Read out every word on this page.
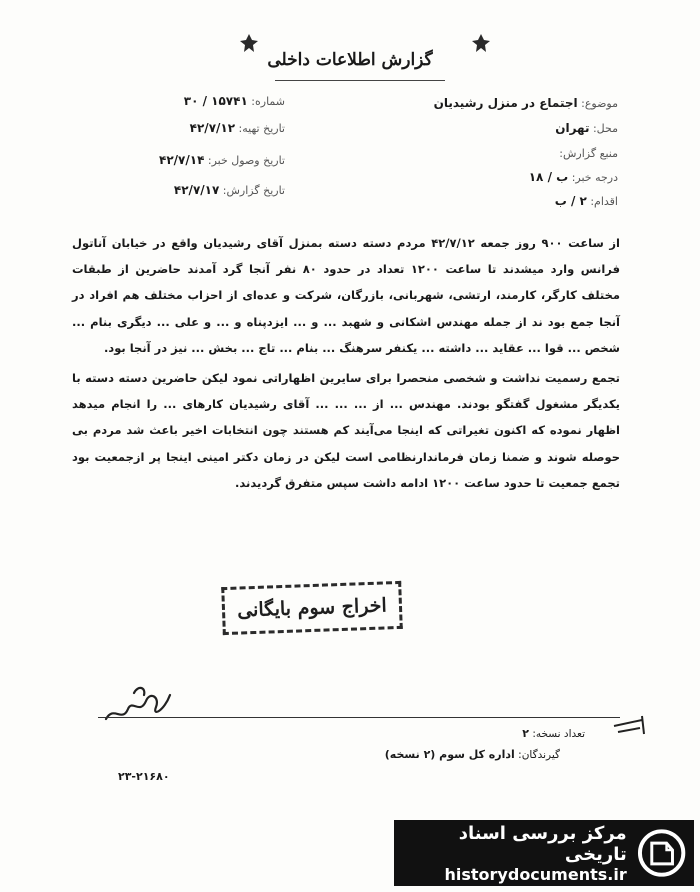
گزارش اطلاعات داخلی
موضوع: اجتماع در منزل رشیدیان
محل: تهران
منبع گزارش:
درجه خبر: ب / ۱۸
اقدام: ۲ / ب
شماره: ۱۵۷۴۱ / ۳۰
تاریخ تهیه: ۴۲/۷/۱۲
تاریخ وصول خبر: ۴۲/۷/۱۴
تاریخ گزارش: ۴۲/۷/۱۷

از ساعت ۹۰۰ روز جمعه ۴۲/۷/۱۲ مردم دسته دسته بمنزل آقای رشیدیان واقع در خیابان آناتول فرانس وارد میشدند تا ساعت ۱۲۰۰ تعداد در حدود ۸۰ نفر آنجا گرد آمدند حاضرین از طبقات مختلف کارگر، کارمند، ارتشی، شهربانی، بازرگان، شرکت و عده‌ای از احزاب مختلف هم افراد در آنجا جمع بود ند از جمله مهندس اشکانی و شهبد ... و ... ایزدپناه و ... و علی ... دیگری بنام ... شخص ... قوا ... عقاید ... داشته ... یکنفر سرهنگ ... بنام ... تاج ... بخش ... نیز در آنجا بود.

تجمع رسمیت نداشت و شخصی منحصرا برای سایرین اظهاراتی نمود لیکن حاضرین دسته دسته با یکدیگر مشغول گفتگو بودند. مهندس ... از ... ... ... آقای رشیدیان کارهای ... را انجام میدهد اظهار نموده که اکنون تغیراتی که اینجا می‌آیند کم هستند چون انتخابات اخیر باعث شد مردم بی حوصله شوند و ضمنا زمان فرماندارنظامی است لیکن در زمان دکتر امینی اینجا پر ازجمعیت بود تجمع جمعیت تا حدود ساعت ۱۲۰۰ ادامه داشت سپس متفرق گردیدند.

اخراج سوم بایگانی
تعداد نسخه: ۲
گیرندگان: اداره کل سوم (۲ نسخه)
۲۳-۲۱۶۸۰
مرکز بررسی اسناد تاریخی
historydocuments.ir
